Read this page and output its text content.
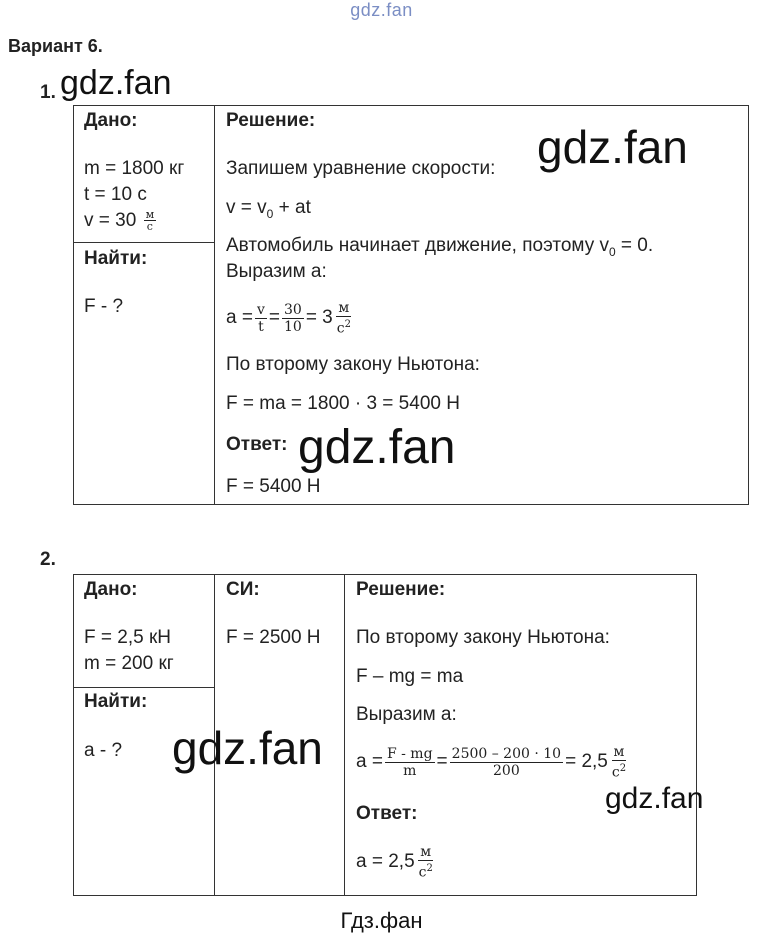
gdz.fan
Вариант 6.
1. gdz.fan
Дано:
m = 1800 кг
t = 10 с
$v = 30 \frac{м}{с}$
Найти:
F - ?
Решение:
gdz.fan
Запишем уравнение скорости:
$v = v_0$ + at
Автомобиль начинает движение, поэтому $v_0 = 0$.
Выразим a:
$a = \frac{v}{t} = \frac{30}{10} = 3 \frac{м}{с^2}$
По второму закону Ньютона:
F = ma = 1800 · 3 = 5400 Н
Ответ: gdz.fan
F = 5400 Н
2.
Дано:
F = 2,5 кН
m = 200 кг
Найти:
a - ?
СИ:
F = 2500 Н
Решение:
По второму закону Ньютона:
F – mg = ma
Выразим a:
$a = \frac{F - mg}{m} = \frac{2500 - 200 \cdot 10}{200} = 2,5 \frac{м}{с^2}$
gdz.fan
gdz.fan
Ответ:
$a = 2,5 \frac{м}{с^2}$
Гдз.фан
